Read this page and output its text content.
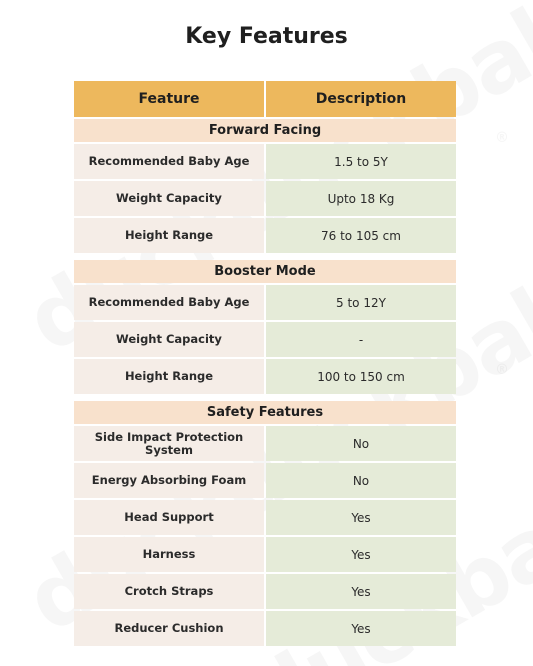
Key Features
Feature	Description
Forward Facing
Recommended Baby Age	1.5 to 5Y
Weight Capacity	Upto 18 Kg
Height Range	76 to 105 cm
Booster Mode
Recommended Baby Age	5 to 12Y
Weight Capacity	-
Height Range	100 to 150 cm
Safety Features
Side Impact Protection System	No
Energy Absorbing Foam	No
Head Support	Yes
Harness	Yes
Crotch Straps	Yes
Reducer Cushion	Yes
